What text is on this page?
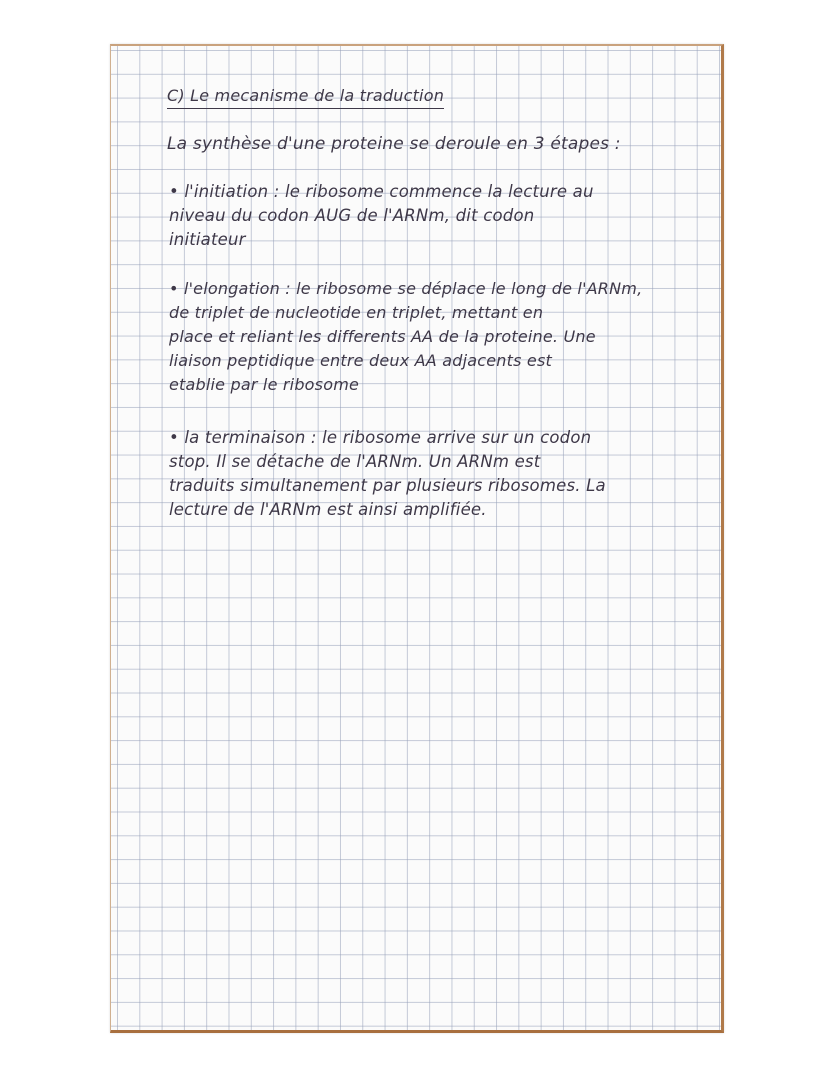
C) Le mecanisme de la traduction
La synthèse d'une proteine se deroule en 3 étapes :
• l'initiation : le ribosome commence la lecture au
niveau du codon AUG de l'ARNm, dit codon
initiateur
• l'elongation : le ribosome se déplace le long de l'ARNm,
de triplet de nucleotide en triplet, mettant en
place et reliant les differents AA de la proteine. Une
liaison peptidique entre deux AA adjacents est
etablie par le ribosome
• la terminaison : le ribosome arrive sur un codon
stop. Il se détache de l'ARNm. Un ARNm est
traduits simultanement par plusieurs ribosomes. La
lecture de l'ARNm est ainsi amplifiée.
